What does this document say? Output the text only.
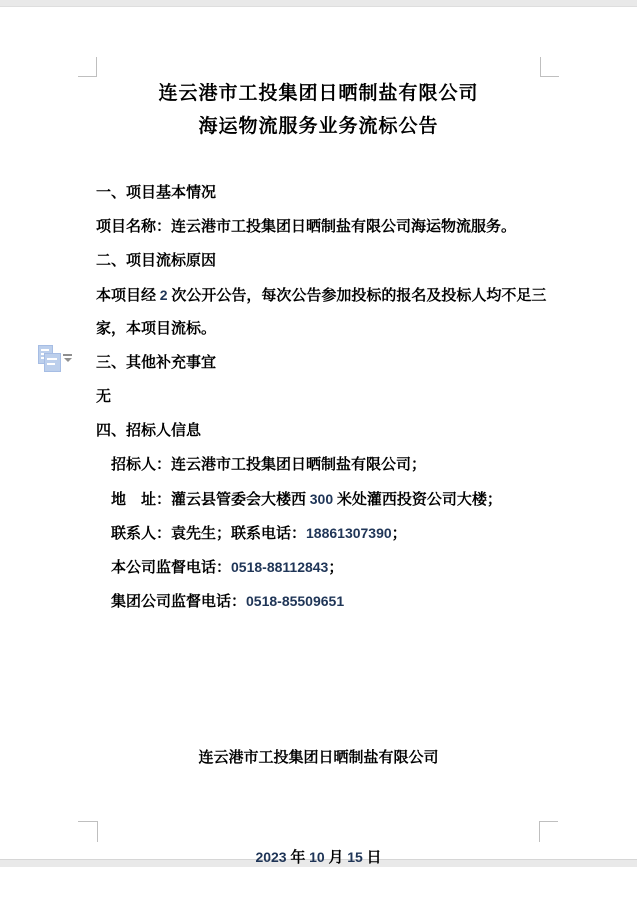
连云港市工投集团日晒制盐有限公司
海运物流服务业务流标公告
一、项目基本情况
项目名称：连云港市工投集团日晒制盐有限公司海运物流服务。
二、项目流标原因
本项目经 2 次公开公告，每次公告参加投标的报名及投标人均不足三
家，本项目流标。
三、其他补充事宜
无
四、招标人信息
招标人：连云港市工投集团日晒制盐有限公司；
地　址：灌云县管委会大楼西 300 米处灌西投资公司大楼；
联系人：袁先生；联系电话：18861307390；
本公司监督电话：0518-88112843；
集团公司监督电话：0518-85509651

连云港市工投集团日晒制盐有限公司

2023 年 10 月 15 日
